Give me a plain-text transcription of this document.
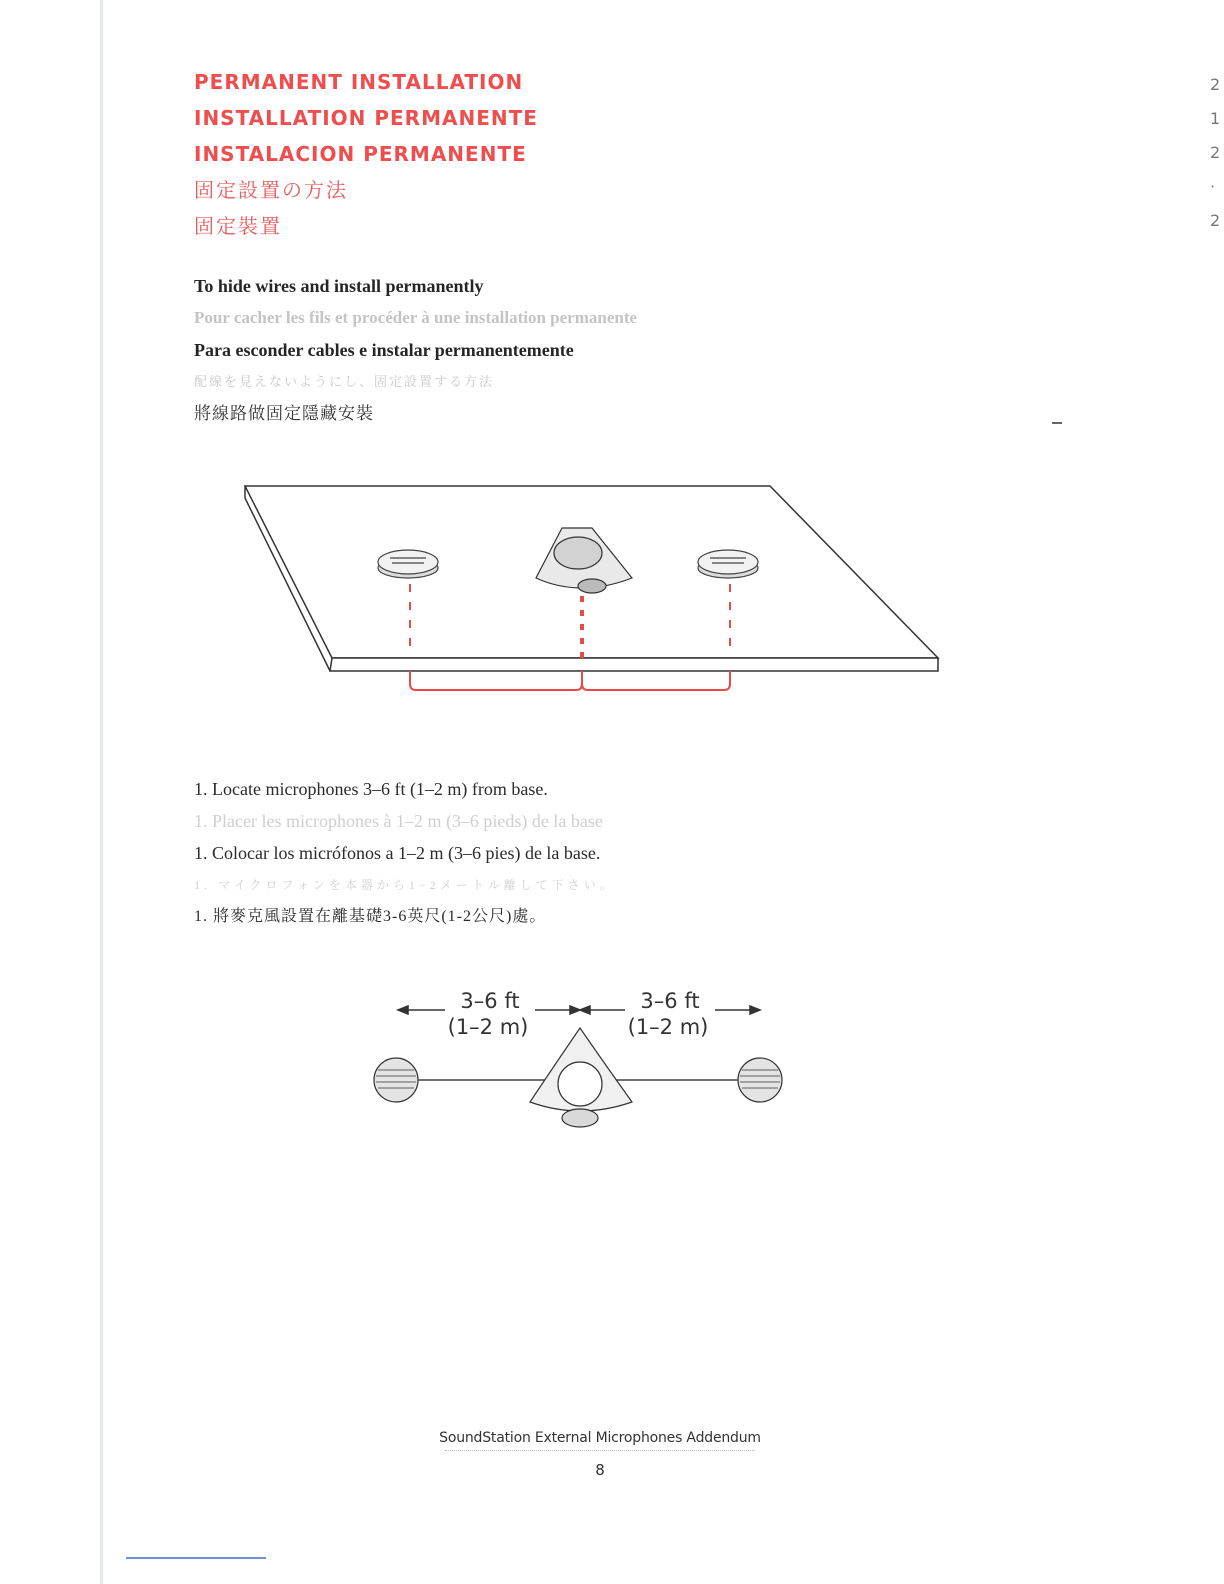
2
1
2
·
2
PERMANENT INSTALLATION
INSTALLATION PERMANENTE
INSTALACION PERMANENTE
固定設置の方法
固定裝置
To hide wires and install permanently
Pour cacher les fils et procéder à une installation permanente
Para esconder cables e instalar permanentemente
配線を見えないようにし、固定設置する方法
將線路做固定隱藏安裝
1. Locate microphones 3–6 ft (1–2 m) from base.
1. Placer les microphones à 1–2 m (3–6 pieds) de la base
1. Colocar los micrófonos a 1–2 m (3–6 pies) de la base.
1. マイクロフォンを本器から1−2メートル離して下さい。
1. 將麥克風設置在離基礎3-6英尺(1-2公尺)處。
3–6 ft
(1–2 m)
3–6 ft
(1–2 m)
SoundStation External Microphones Addendum
8
